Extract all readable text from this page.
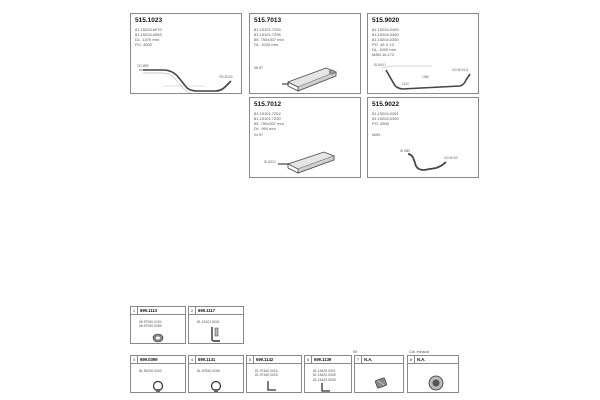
515.1023
81.15204.6070
81.15204.6059
DL. 1470 mm
PO. 4500
OD Ø89
OD Ø100
515.7013
81.15101.7294
81.15101.7295
85. 750x307 mm
DL. 1030 mm
06.97
515.9020
81.15204.0459
81.15204.0360
81.15204.0350
PO. 45 X 13
DL. 1500 mm
MAN 16.172
ID Ø101
OD Ø101.6
1380
1120
515.7012
81.15101.7252
81.15101.7290
85. 750x307 mm
DL. 990 mm
04.97
ID Ø101
515.9022
81.15204.0261
81.15204.0300
PO. 4500
MAN
ID Ø89
OD Ø100
Kit	Cat. exhaust
1	699.1113
06.97940.0194
06.97940.0089
2	699.1117
81.15101.6001
3	699.0399
81.96230.0002
4	699.1141
81.97840.0206
5	699.1142
81.97440.0016
81.97440.0015
6	699.1139
81.15420.0001
81.15420.0005
81.15420.0006
7	N.A.	8	N.A.
